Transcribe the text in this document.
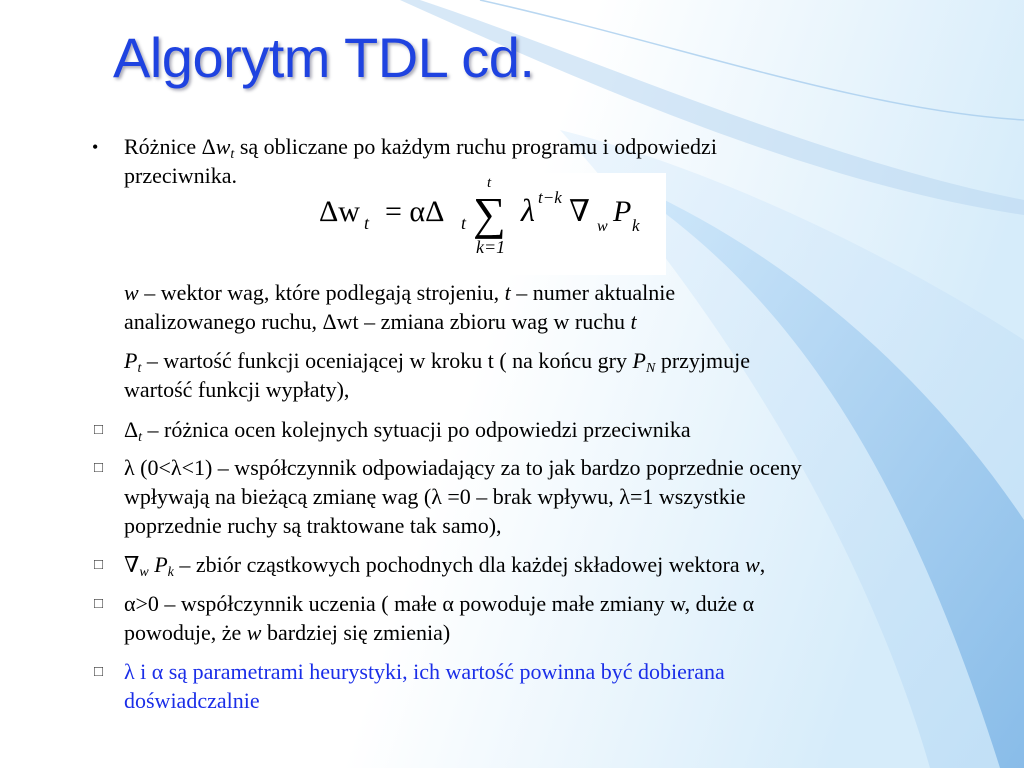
Algorytm TDL cd.
• Różnice $\Delta w_t$ są obliczane po każdym ruchu programu i odpowiedzi
przeciwnika.
Δw t = αΔ t
t
∑
k=1
λ t−k ∇ w P k
w – wektor wag, które podlegają strojeniu, t – numer aktualnie
analizowanego ruchu, Δwt – zmiana zbioru wag w ruchu t
$P_t$ – wartość funkcji oceniającej w kroku t ( na końcu gry $P_N$ przyjmuje
wartość funkcji wypłaty),
□ $\Delta_t$ – różnica ocen kolejnych sytuacji po odpowiedzi przeciwnika
□ λ (0<λ<1) – współczynnik odpowiadający za to jak bardzo poprzednie oceny
wpływają na bieżącą zmianę wag (λ =0 – brak wpływu, λ=1 wszystkie
poprzednie ruchy są traktowane tak samo),
□ $\nabla_w$ $P_k$ – zbiór cząstkowych pochodnych dla każdej składowej wektora w,
□ α>0 – współczynnik uczenia ( małe α powoduje małe zmiany w, duże α
powoduje, że w bardziej się zmienia)
□ λ i α są parametrami heurystyki, ich wartość powinna być dobierana
doświadczalnie
